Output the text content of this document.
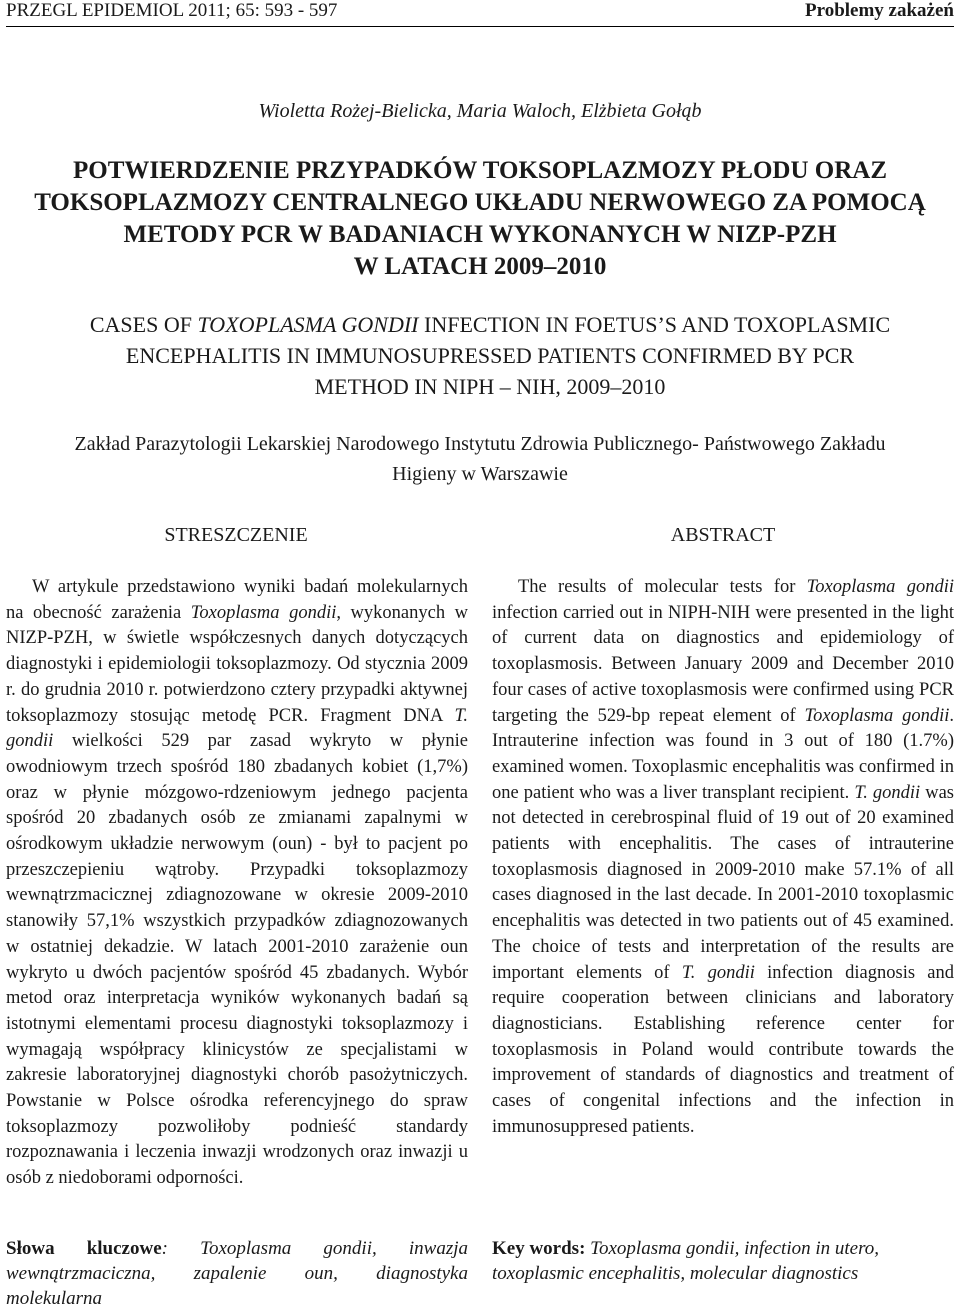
PRZEGL EPIDEMIOL 2011; 65: 593 - 597	Problemy zakażeń
Wioletta Rożej-Bielicka, Maria Waloch, Elżbieta Gołąb
POTWIERDZENIE PRZYPADKÓW TOKSOPLAZMOZY PŁODU ORAZ
TOKSOPLAZMOZY CENTRALNEGO UKŁADU NERWOWEGO ZA POMOCĄ
METODY PCR W BADANIACH WYKONANYCH W NIZP-PZH
W LATACH 2009–2010
CASES OF TOXOPLASMA GONDII INFECTION IN FOETUS’S AND TOXOPLASMIC
ENCEPHALITIS IN IMMUNOSUPRESSED PATIENTS CONFIRMED BY PCR
METHOD IN NIPH – NIH, 2009–2010
Zakład Parazytologii Lekarskiej Narodowego Instytutu Zdrowia Publicznego- Państwowego Zakładu
Higieny w Warszawie
STRESZCZENIE	ABSTRACT

W artykule przedstawiono wyniki badań molekularnych na obecność zarażenia Toxoplasma gondii, wykonanych w NIZP-PZH, w świetle współczesnych danych dotyczących diagnostyki i epidemiologii toksoplazmozy. Od stycznia 2009 r. do grudnia 2010 r. potwierdzono cztery przypadki aktywnej toksoplazmozy stosując metodę PCR. Fragment DNA T. gondii wielkości 529 par zasad wykryto w płynie owodniowym trzech spośród 180 zbadanych kobiet (1,7%) oraz w płynie mózgowo-rdzeniowym jednego pacjenta spośród 20 zbadanych osób ze zmianami zapalnymi w ośrodkowym układzie nerwowym (oun) - był to pacjent po przeszczepieniu wątroby. Przypadki toksoplazmozy wewnątrzmacicznej zdiagnozowane w okresie 2009-2010 stanowiły 57,1% wszystkich przypadków zdiagnozowanych w ostatniej dekadzie. W latach 2001-2010 zarażenie oun wykryto u dwóch pacjentów spośród 45 zbadanych. Wybór metod oraz interpretacja wyników wykonanych badań są istotnymi elementami procesu diagnostyki toksoplazmozy i wymagają współpracy klinicystów ze specjalistami w zakresie laboratoryjnej diagnostyki chorób pasożytniczych. Powstanie w Polsce ośrodka referencyjnego do spraw toksoplazmozy pozwoliłoby podnieść standardy rozpoznawania i leczenia inwazji wrodzonych oraz inwazji u osób z niedoborami odporności.

The results of molecular tests for Toxoplasma gondii infection carried out in NIPH-NIH were presented in the light of current data on diagnostics and epidemiology of toxoplasmosis. Between January 2009 and December 2010 four cases of active toxoplasmosis were confirmed using PCR targeting the 529-bp repeat element of Toxoplasma gondii. Intrauterine infection was found in 3 out of 180 (1.7%) examined women. Toxoplasmic encephalitis was confirmed in one patient who was a liver transplant recipient. T. gondii was not detected in cerebrospinal fluid of 19 out of 20 examined patients with encephalitis. The cases of intrauterine toxoplasmosis diagnosed in 2009-2010 make 57.1% of all cases diagnosed in the last decade. In 2001-2010 toxoplasmic encephalitis was detected in two patients out of 45 examined. The choice of tests and interpretation of the results are important elements of T. gondii infection diagnosis and require cooperation between clinicians and laboratory diagnosticians. Establishing reference center for toxoplasmosis in Poland would contribute towards the improvement of standards of diagnostics and treatment of cases of congenital infections and the infection in immunosuppresed patients.

Słowa kluczowe: Toxoplasma gondii, inwazja wewnątrzmaciczna, zapalenie oun, diagnostyka molekularna
Key words: Toxoplasma gondii, infection in utero, toxoplasmic encephalitis, molecular diagnostics
